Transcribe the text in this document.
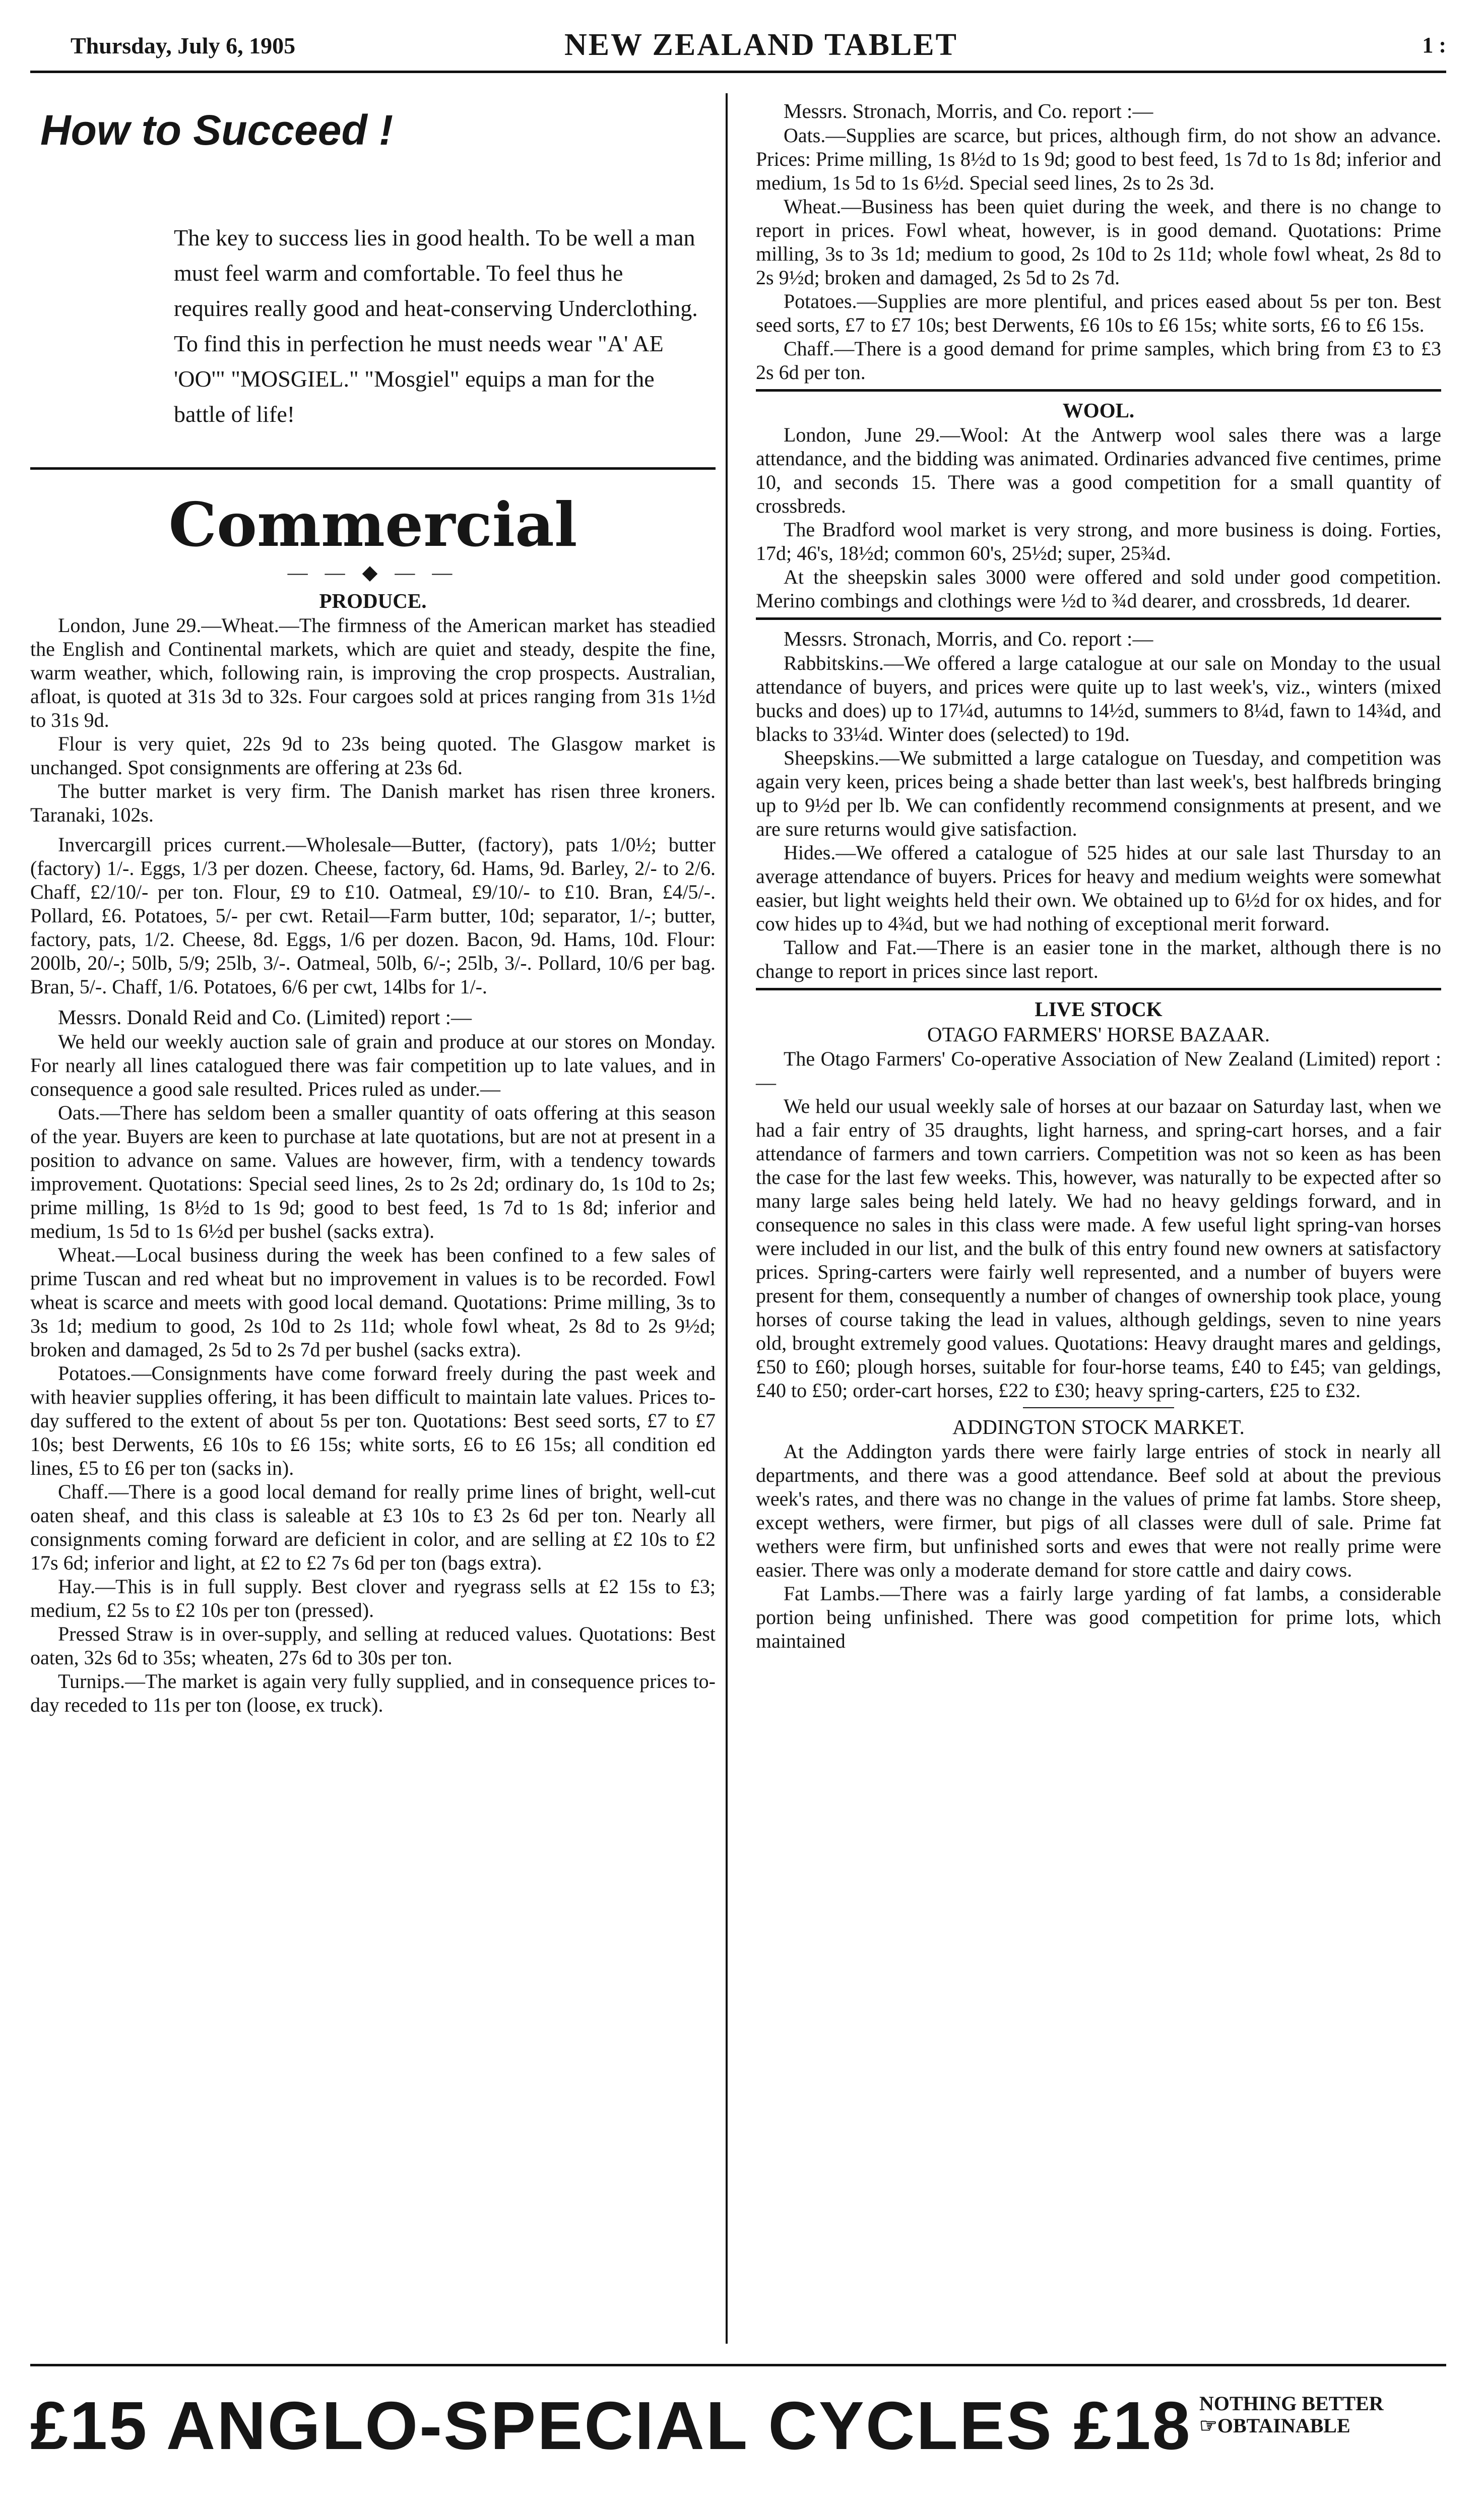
Thursday, July 6, 1905	NEW ZEALAND TABLET	1 :
How to Succeed !

The key to success lies in good health. To be well a man must feel warm and comfortable. To feel thus he requires really good and heat-conserving Underclothing. To find this in perfection he must needs wear "A' AE 'OO'" "MOSGIEL." "Mosgiel" equips a man for the battle of life!

Commercial
— — ◆ — —
PRODUCE.

London, June 29.—Wheat.—The firmness of the American market has steadied the English and Continental markets, which are quiet and steady, despite the fine, warm weather, which, following rain, is improving the crop prospects. Australian, afloat, is quoted at 31s 3d to 32s. Four cargoes sold at prices ranging from 31s 1½d to 31s 9d.

Flour is very quiet, 22s 9d to 23s being quoted. The Glasgow market is unchanged. Spot consignments are offering at 23s 6d.

The butter market is very firm. The Danish market has risen three kroners. Taranaki, 102s.

Invercargill prices current.—Wholesale—Butter, (factory), pats 1/0½; butter (factory) 1/-. Eggs, 1/3 per dozen. Cheese, factory, 6d. Hams, 9d. Barley, 2/- to 2/6. Chaff, £2/10/- per ton. Flour, £9 to £10. Oatmeal, £9/10/- to £10. Bran, £4/5/-. Pollard, £6. Potatoes, 5/- per cwt. Retail—Farm butter, 10d; separator, 1/-; butter, factory, pats, 1/2. Cheese, 8d. Eggs, 1/6 per dozen. Bacon, 9d. Hams, 10d. Flour: 200lb, 20/-; 50lb, 5/9; 25lb, 3/-. Oatmeal, 50lb, 6/-; 25lb, 3/-. Pollard, 10/6 per bag. Bran, 5/-. Chaff, 1/6. Potatoes, 6/6 per cwt, 14lbs for 1/-.

Messrs. Donald Reid and Co. (Limited) report :—

We held our weekly auction sale of grain and produce at our stores on Monday. For nearly all lines catalogued there was fair competition up to late values, and in consequence a good sale resulted. Prices ruled as under.—

Oats.—There has seldom been a smaller quantity of oats offering at this season of the year. Buyers are keen to purchase at late quotations, but are not at present in a position to advance on same. Values are however, firm, with a tendency towards improvement. Quotations: Special seed lines, 2s to 2s 2d; ordinary do, 1s 10d to 2s; prime milling, 1s 8½d to 1s 9d; good to best feed, 1s 7d to 1s 8d; inferior and medium, 1s 5d to 1s 6½d per bushel (sacks extra).

Wheat.—Local business during the week has been confined to a few sales of prime Tuscan and red wheat but no improvement in values is to be recorded. Fowl wheat is scarce and meets with good local demand. Quotations: Prime milling, 3s to 3s 1d; medium to good, 2s 10d to 2s 11d; whole fowl wheat, 2s 8d to 2s 9½d; broken and damaged, 2s 5d to 2s 7d per bushel (sacks extra).

Potatoes.—Consignments have come forward freely during the past week and with heavier supplies offering, it has been difficult to maintain late values. Prices to-day suffered to the extent of about 5s per ton. Quotations: Best seed sorts, £7 to £7 10s; best Derwents, £6 10s to £6 15s; white sorts, £6 to £6 15s; all condition ed lines, £5 to £6 per ton (sacks in).

Chaff.—There is a good local demand for really prime lines of bright, well-cut oaten sheaf, and this class is saleable at £3 10s to £3 2s 6d per ton. Nearly all consignments coming forward are deficient in color, and are selling at £2 10s to £2 17s 6d; inferior and light, at £2 to £2 7s 6d per ton (bags extra).

Hay.—This is in full supply. Best clover and ryegrass sells at £2 15s to £3; medium, £2 5s to £2 10s per ton (pressed).

Pressed Straw is in over-supply, and selling at reduced values. Quotations: Best oaten, 32s 6d to 35s; wheaten, 27s 6d to 30s per ton.

Turnips.—The market is again very fully supplied, and in consequence prices to-day receded to 11s per ton (loose, ex truck).

Messrs. Stronach, Morris, and Co. report :—

Oats.—Supplies are scarce, but prices, although firm, do not show an advance. Prices: Prime milling, 1s 8½d to 1s 9d; good to best feed, 1s 7d to 1s 8d; inferior and medium, 1s 5d to 1s 6½d. Special seed lines, 2s to 2s 3d.

Wheat.—Business has been quiet during the week, and there is no change to report in prices. Fowl wheat, however, is in good demand. Quotations: Prime milling, 3s to 3s 1d; medium to good, 2s 10d to 2s 11d; whole fowl wheat, 2s 8d to 2s 9½d; broken and damaged, 2s 5d to 2s 7d.

Potatoes.—Supplies are more plentiful, and prices eased about 5s per ton. Best seed sorts, £7 to £7 10s; best Derwents, £6 10s to £6 15s; white sorts, £6 to £6 15s.

Chaff.—There is a good demand for prime samples, which bring from £3 to £3 2s 6d per ton.

WOOL.

London, June 29.—Wool: At the Antwerp wool sales there was a large attendance, and the bidding was animated. Ordinaries advanced five centimes, prime 10, and seconds 15. There was a good competition for a small quantity of crossbreds.

The Bradford wool market is very strong, and more business is doing. Forties, 17d; 46's, 18½d; common 60's, 25½d; super, 25¾d.

At the sheepskin sales 3000 were offered and sold under good competition. Merino combings and clothings were ½d to ¾d dearer, and crossbreds, 1d dearer.

Messrs. Stronach, Morris, and Co. report :—

Rabbitskins.—We offered a large catalogue at our sale on Monday to the usual attendance of buyers, and prices were quite up to last week's, viz., winters (mixed bucks and does) up to 17¼d, autumns to 14½d, summers to 8¼d, fawn to 14¾d, and blacks to 33¼d. Winter does (selected) to 19d.

Sheepskins.—We submitted a large catalogue on Tuesday, and competition was again very keen, prices being a shade better than last week's, best halfbreds bringing up to 9½d per lb. We can confidently recommend consignments at present, and we are sure returns would give satisfaction.

Hides.—We offered a catalogue of 525 hides at our sale last Thursday to an average attendance of buyers. Prices for heavy and medium weights were somewhat easier, but light weights held their own. We obtained up to 6½d for ox hides, and for cow hides up to 4¾d, but we had nothing of exceptional merit forward.

Tallow and Fat.—There is an easier tone in the market, although there is no change to report in prices since last report.

LIVE STOCK
OTAGO FARMERS' HORSE BAZAAR.

The Otago Farmers' Co-operative Association of New Zealand (Limited) report :—

We held our usual weekly sale of horses at our bazaar on Saturday last, when we had a fair entry of 35 draughts, light harness, and spring-cart horses, and a fair attendance of farmers and town carriers. Competition was not so keen as has been the case for the last few weeks. This, however, was naturally to be expected after so many large sales being held lately. We had no heavy geldings forward, and in consequence no sales in this class were made. A few useful light spring-van horses were included in our list, and the bulk of this entry found new owners at satisfactory prices. Spring-carters were fairly well represented, and a number of buyers were present for them, consequently a number of changes of ownership took place, young horses of course taking the lead in values, although geldings, seven to nine years old, brought extremely good values. Quotations: Heavy draught mares and geldings, £50 to £60; plough horses, suitable for four-horse teams, £40 to £45; van geldings, £40 to £50; order-cart horses, £22 to £30; heavy spring-carters, £25 to £32.

ADDINGTON STOCK MARKET.

At the Addington yards there were fairly large entries of stock in nearly all departments, and there was a good attendance. Beef sold at about the previous week's rates, and there was no change in the values of prime fat lambs. Store sheep, except wethers, were firmer, but pigs of all classes were dull of sale. Prime fat wethers were firm, but unfinished sorts and ewes that were not really prime were easier. There was only a moderate demand for store cattle and dairy cows.

Fat Lambs.—There was a fairly large yarding of fat lambs, a considerable portion being unfinished. There was good competition for prime lots, which maintained

£15 ANGLO-SPECIAL CYCLES £18 NOTHING BETTER
☞OBTAINABLE
